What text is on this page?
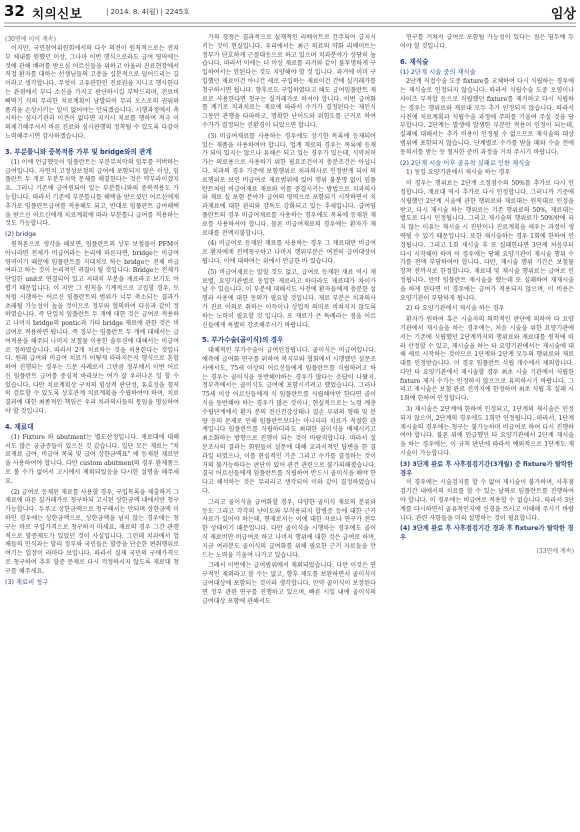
32 치의신보	| 2014. 8. 4(월) | 2245호	임상
(30면에 이어 계속)

이지만, 국민참여위원회에서의 다수 의견이 원칙적으로는 전치부 체내를 원했던 이상, 그나마 이번 행식으로라도 급여 영역에는 것에 관해 배려를 받으심 어르신들을 위하고 아울러 진료현장에서 직접 환자를 대하는 선생님들의 고충을 십분적으로 덜어드리는 길이라고 생각합니다. 무엇이 고유관한인 진료권을 지니고 행사한다는 관점에서 부디 소신을 가지고 판단하시길 부탁드리며, 진료비 삐딱기 식의 무리한 치료계획이 남발되어 무리 오스로의 권위와 품격을 손상시키는 일이 없어야는 안되겠습니다. 시행과정에서 축시하는 심사기관과 이견이 없다면 지키시 치료를 행하여 적극 이의제기해주셔서 바른 진료와 심사판행의 정착될 수 있도록 다같이 노력해주시면 감사하겠습니다.

3. 부분틀니와 중복적용 가부 및 bridge와의 관계

(1) 이에 언급했듯이 임플란트는 부분무치악의 임무를 커버하는 급여입니다. 자연치 고정성보철의 급여에 포함되지 않은 이상, 임플란트 두 개로 부분무치악 문제를 해결한다는 것은 약부라이겠지요. 그러니 기존에 급여원되어 있는 부분틀니와의 중복적용도 가능합니다. 따라서 기존에 부분틀니를 해택을 받으셨던 어르신에게 추가로 임플란트급여를 적용해도 되고, 반대로 임플란트 급여해택을 받으신 어르신에게 치료계획에 따라 부분틀니 급여를 적용하는 것도 가능합니다.

(2) bridge

원칙론으로 생각을 해보면, 임플란트의 상부 보철물이 PFM이 아니라면 전제가 비급여라는 논리에 따른다면, bridge는 비급여영역이기 때문에 임플란트를 지대치로 하는 bridge는 전체 비급여라고 하는 것이 논리적인 귀결이 될 것입니다. Bridge는 전제가 단일한 unit로 연결되어 있고 지대치 부분을 재료라고 보기도 어렵기 때문입니다. 이 지만 그 원칙을 기계적으로 고집할 경우, 모처럼 시행하는 어르신 임플란트의 범위가 너무 축소되는 결과가 초래될 가능성이 높을 것이므로 정부와 협의하여 다음과 같이 정하였습니다. 즉 단일치 임플란트 두 개에 대한 것은 급여로 적용하고 나머지 bridge의 pontic과 기타 bridge 재료에 관한 것은 비급여로 적용하면 됩니다. 즉 정부는 임플란트 두 개에 대해서는 급여적용을 해주되 나머지 보철물 이용한 솔루션에 대해서는 비급여로 정하였습니다. 따라서 2개 치료하는 것을 허용한다는 것입니다. 원래 급여와 비급여 치료가 어떻게 따라지든지 행식으로 혼합하여 진행되는 경우는 드문 사례로서 그만큼 정부에서 이번 어르신 임플란트 급여를 중심적 바라보는 여가 잘 우러나온 일 할 수 있습니다. 다만 치료계획상 구치의 임상적 판단성, 유효성을 철저히 검토할 수 있도록 상호관계 치료계획을 수립하여야 하며, 치료결과에 대한 최종적인 책임은 우리 치과의사들의 몫임을 명심하여야 할 것입니다.

4. 재료대

(1) Fixture 와 abutment는 별도산정입니다. 재료대에 대해서도 많은 궁금증들이 있으신 것 같습니다. 일단 모든 재료는 "치료재료 급여, 비급여 목록 및 급여 상한금액표" 에 등재된 재료만을 사용하여야 합니다. 다만 custom abutment의 경우 완제품으로 볼 수가 없어서 고시에서 제외되었음을 다시한 설명을 해주세요.

(2) 급여로 등재된 재료를 사용할 경우, 구입목록을 제출하거 그 재료에 따른 실거래가로 청구하되 고시된 상한금액 내에서만 청구 가능합니다. 두루고 상한금액으로 청구해서는 안되며 상한금액 이하인 경우에는 상한금액으로, 상한금액을 넘지 않는 경우에는 청구는 바로 구입가격으로 청구하지 마세요. 재료의 경우 그간 관행적으로 할증제도가 있었던 것이 사실입니다. 그런데 치과에서 업체들의 인식과는 달리 정부와 국민들은 할증을 단순한 편취행위로 여기는 입장이 라마다 보입니다. 따라서 실제 국민의 구매가격으로 청구하여 추후 할증 문제로 다시 걱정하시지 않도록 재료대 청구를 해주세요.

(3) 재료비 청구

가의 경쟁은 결과적으로 실재적인 리베이트로 간주되어 급지시키는 것이 현실입니다. 우리에서는 최근 의료의 약화 리베이트는 정부가 단호하게 근절대응으로 하고 있으며 치과분야가 상당히 높습니다. 따라서 이에는 더 이상 재료를 과거와 같이 불투명하게 구입하여서는 안된다는 것도 지양해야 할 것 입니다. 과거에 이미 구입했던 재료이건 아니건 새로 구입하는 재료이건 간에 실거래가를 청구하시면 됩니다. 향후로도 구입하였다고 해도 급여임플란트 재료로 사용한다면 청구는 실거래가로 하셔야 합니다. 이번 급여화를 계기로 치과치료는 재료에 따라서 수가가 결정된다는 재인식 그동안 관행을 타파하고, 명확한 난이도와 위험도를 근거로 하여 수가가 결정되는 진환경이 되었으면 합니다.

(3) 비급여재료를 사용하는 경우에도 상기한 목록에 등재되어 있는 재품을 사용하여야 합니다. 업계 재료의 경우는 목록에 등재가 되어 있지는 않으나 유해은 되고 있는 경우가 있는데, 식약처허가는 의료용으로 사용하기 위한 필요조건이지 충분조건은 아닙니다. 치과의 경우 기준에 보험행위로 치과의사로 인정받게 되어 의료행위로 보인 비급여로 재료범위에 있어 행위 불분명 없이 임플란트처럼 비급여재료 재료와 이를 중결시키는 방법으로 치과의사와 재료 실 보험 분야가 급여의 영역으로 포함되기 시작하면서 치과재료에 대한 관리와 감독도 강화되고 있는 추세입니다. 급여임플란트의 경우 비급여재료를 사용하는 경우에도 목록에 등재된 재료를 사용하셔야 합니다. 물론 비급여재료의 경우에는 환자가 재료대를 전액지불합니다.

(4) 비급여로 등재된 재료를 사용하는 경우 그 재료대만 비급여로 환자에게 전액청구하고 나머지 행위부분은 여전히 급여대상이 됩니다. 이에 대하여는 위에서 언급한 바 있습니다.

(5) 비급여재료는 말할 것도 없고, 급여로 등재된 재료 역시 재료별, 요양기관별로 동일한 재료라고 하더라도 재료대가 차이가 날 수 있습니다. 이 부분에 대해서도 사전에 환자들에게 충분한 설명과 사용에 대한 동의가 필요할 것입니다. 재료 부분은 치과의사가 진료 이외로 취하는 이득이나 상업적 의미로 비쳐지지 않도록 하는 노력이 필요할 것 입니다. 또 재료가 큰 특례라는 점을 어르신들에게 특별히 강조해주시기 바랍니다.

5. 부가수술(골이식)의 경우

대체적인 부가수술이 급여인정됩니다. 골이식은 비급여입니다. 예측에 급여화 연구를 위하여 복지부와 협회에서 시행했던 설문조사에서도, 75세 이상의 어르신들에게 임플란트를 식립하려고 하는 경우는 골이식을 동반해야하는 경우가 많다는 응답이 나왔지. 정부측에서는 골이식도 급여에 포함시키려고 했었습니다. 그러나 75세 이상 어르신들에게 식 임플란트를 식립해야만 한다면 골이식을 동반해야 하는 경우가 많은 것이나, 현실적으로는 노령 계층 수립단계에서 환자 분의 전신건강상태나 결손 부위의 형태 및 분량 등의 문제로 인해 임플란트보다는 아니더라 치료가 적절한 관계입니다 임플란트를 식립하더라도 최대한 골이식을 배제시키고 최소화하는 방향으로 진행이 되는 것이 바람직합니다. 따라서 설문조사의 결과는 회원들이 설문에 대해 교과서적인 답변을 한 결과일 터였으나, 이를 현실적인 기준 그리고 수가를 결정하는 것이 거의 불가능하다는 판단이 있어 관건 관련으로 불가피해졌습니다. 결국 어르신들에게 임플란트를 식립하여 반드시 골이식을 해야 한다고 해석하는 것은 무리라고 생각되어 이와 같이 결정하였습니다.

그리고 골이식을 급여화할 경우, 다양한 골이식 재료의 분류와 등도 그리고 각각의 난이도와 부작용되지 합병증 등에 대한 근거자료가 있어야 하는데, 현재로서는 이에 대한 자료나 연구가 전무한 상태이기 때문입니다. 다만 골이식을 시행하는 경우에도 골이식 재료비만 비급여로 하고 나머지 행위에 대한 것은 급여로 하며, 지금 여러분도 골이식의 급여화를 위해 필요한 근거 자료들을 만드는 노력을 기울여 나가고 있습니다.

그래서 이번에는 급여범위에서 제외되었습니다. 다만 이것은 연구적인 제외라고 볼 수는 없고, 향후 제도를 보완하면서 골이식이 급여대상에 포함되는 것이라 생각합니다. 만약 골이식이 보장된다면 정부 관련 연구를 진행하고 있으며, 빠른 시일 내에 골이식의 급여대상 포함에 관해서도

연구를 거쳐서 급여로 포함될 가능성이 있다는 점은 염두에 두어야 할 것입니다.

6. 재식술
(1) 2단계 시술 중의 재식술

2단계 직접수술 도중 fixture를 교체하여 다시 식립하는 경우에는 재식술로 인정되지 않습니다. 따라서 식립수술 도중 오염이나 사이즈 부적합 등으로 식립했던 fixture를 제거하고 다시 식립하는 경우는 행위료와 재료대 모두 추가 인정되지 않습니다. 따라서 사전에 치료계획과 식립수술 과정에 주의를 기울여 주실 것을 당부합니다. 2단계는 발생에 발생한 부분만 적용이 인정이 되는데, 실패에 대해서는 추가 비용이 인정될 수 없으므로 재식술의 대상 범위에 포함되지 않습니다. 단계별로 수가를 받을 때와 수술 전에 동의서를 받는 등 철저한 준비 과정을 거쳐 주시기 바랍니다.

(2) 2단계 시술 이후 골유착 실패로 인한 재식술

1) 동일 요양기관에서 재시술 하는 경우

이 경우는 행위료는 2단계 소정점수의 50%를 추가로 다시 인정합니다. 재료대 역시 추가로 다시 인정합니다. 그러니까 기준에 식립했던 2단계 시술에 관한 행위료와 재료대는 원칙대로 인정을 받고, 다시 재시술 하는 행위료는 기존 행위료의 50%, 재료대는 별도로 다시 인정됩니다. 그리고 재시술의 행위료가 50%밖에 되지 않는 이유는 재시술 시 진단이나 진료계획을 세우는 과정이 생략될 수 있기 때문입니다. 또한 재시술하는 경우 1회에 한하여 인정됩니다. 그리고 1회 재시술 후 또 실패한다면 3단계 처음부터 다시 시작해야 하며 이 경우에는 당해 요양기관이 재시술 행위 수가를 전액 부담하여야 합니다. 다만, 재시술 행위 기간은 보철물 장착 전까지로 한정합니다. 재료대 및 재시술 행위료는 급여로 인정됩니다. 만약 임플란트 재시술을 했는데 또 실패하여 재재시술을 하게 된다면 이 경우에는 급여가 적용되지 않으며, 이 비용은 요양기관이 부담하게 됩니다.

2) 타 요양기관에서 재시술 하는 경우

환자가 원하여 혹은 시술자의 의학적인 판단에 의하여 타 요양기관에서 재시술을 하는 경우에는, 처음 시술을 위한 요양기관에서는 기존에 식립했던 2단계까지의 행위료와 재료대를 원칙에 따라 산정할 수 있고, 재시술을 하는 타 요양기관에서는 재시술에 대해 새로 시작하는 것이므로 1단계와 2단계 모두의 행위료와 재료대를 인정받습니다. 이 경우 임플란트 식립 개수에서 제외합니다. 다만 타 요양기관에서 재시술할 경우 최초 시술 기관에서 식립한 fixture 제거 수가는 인정하지 않으므로 유의하시기 바랍니다. 그리고 재시술은 보철 완료 전까지에 한정하며 최초 식립 후 실패 시 1회에 한하여 인정합니다.

3) 재시술은 2단계에 한하여 인정되고, 1단계의 재시술은 인정되지 않으며, 2단계의 경우에도 1회만 인정됩니다. 따라서, 1단계 재시술의 경우에는 청구는 불가능하며 비급여로 하여 다시 진행하여야 합니다. 불론 위에 언급했던 타 요양기관에서 2단계 재시술을 하는 경우에는, 이 규칙 판단에 따라서 예외적으로 1단계도 재시술이 가능합니다.

(3) 3단계 완료 후 사후점검기간(3개월) 중 fixture가 탈락한 경우

이 경우에는 시술검지를 할 수 없어 재시술이 불가하며, 사후점검기간 내에서의 치료를 할 수 있는 날짜로 임플란트를 진행하여야 합니다. 이 경우에는 비급여로 적용할 수 없습니다. 따라서 3단계를 다시하면서 골유착인지에 신경을 쓰시고 이해해 주시기 바랍니다. 관련 사항들을 미리 설명하는 것이 필요합니다.

(4) 3단계 완료 후 사후점검기간 경과 후 fixture가 탈락한 경우
(33면에 계속)
